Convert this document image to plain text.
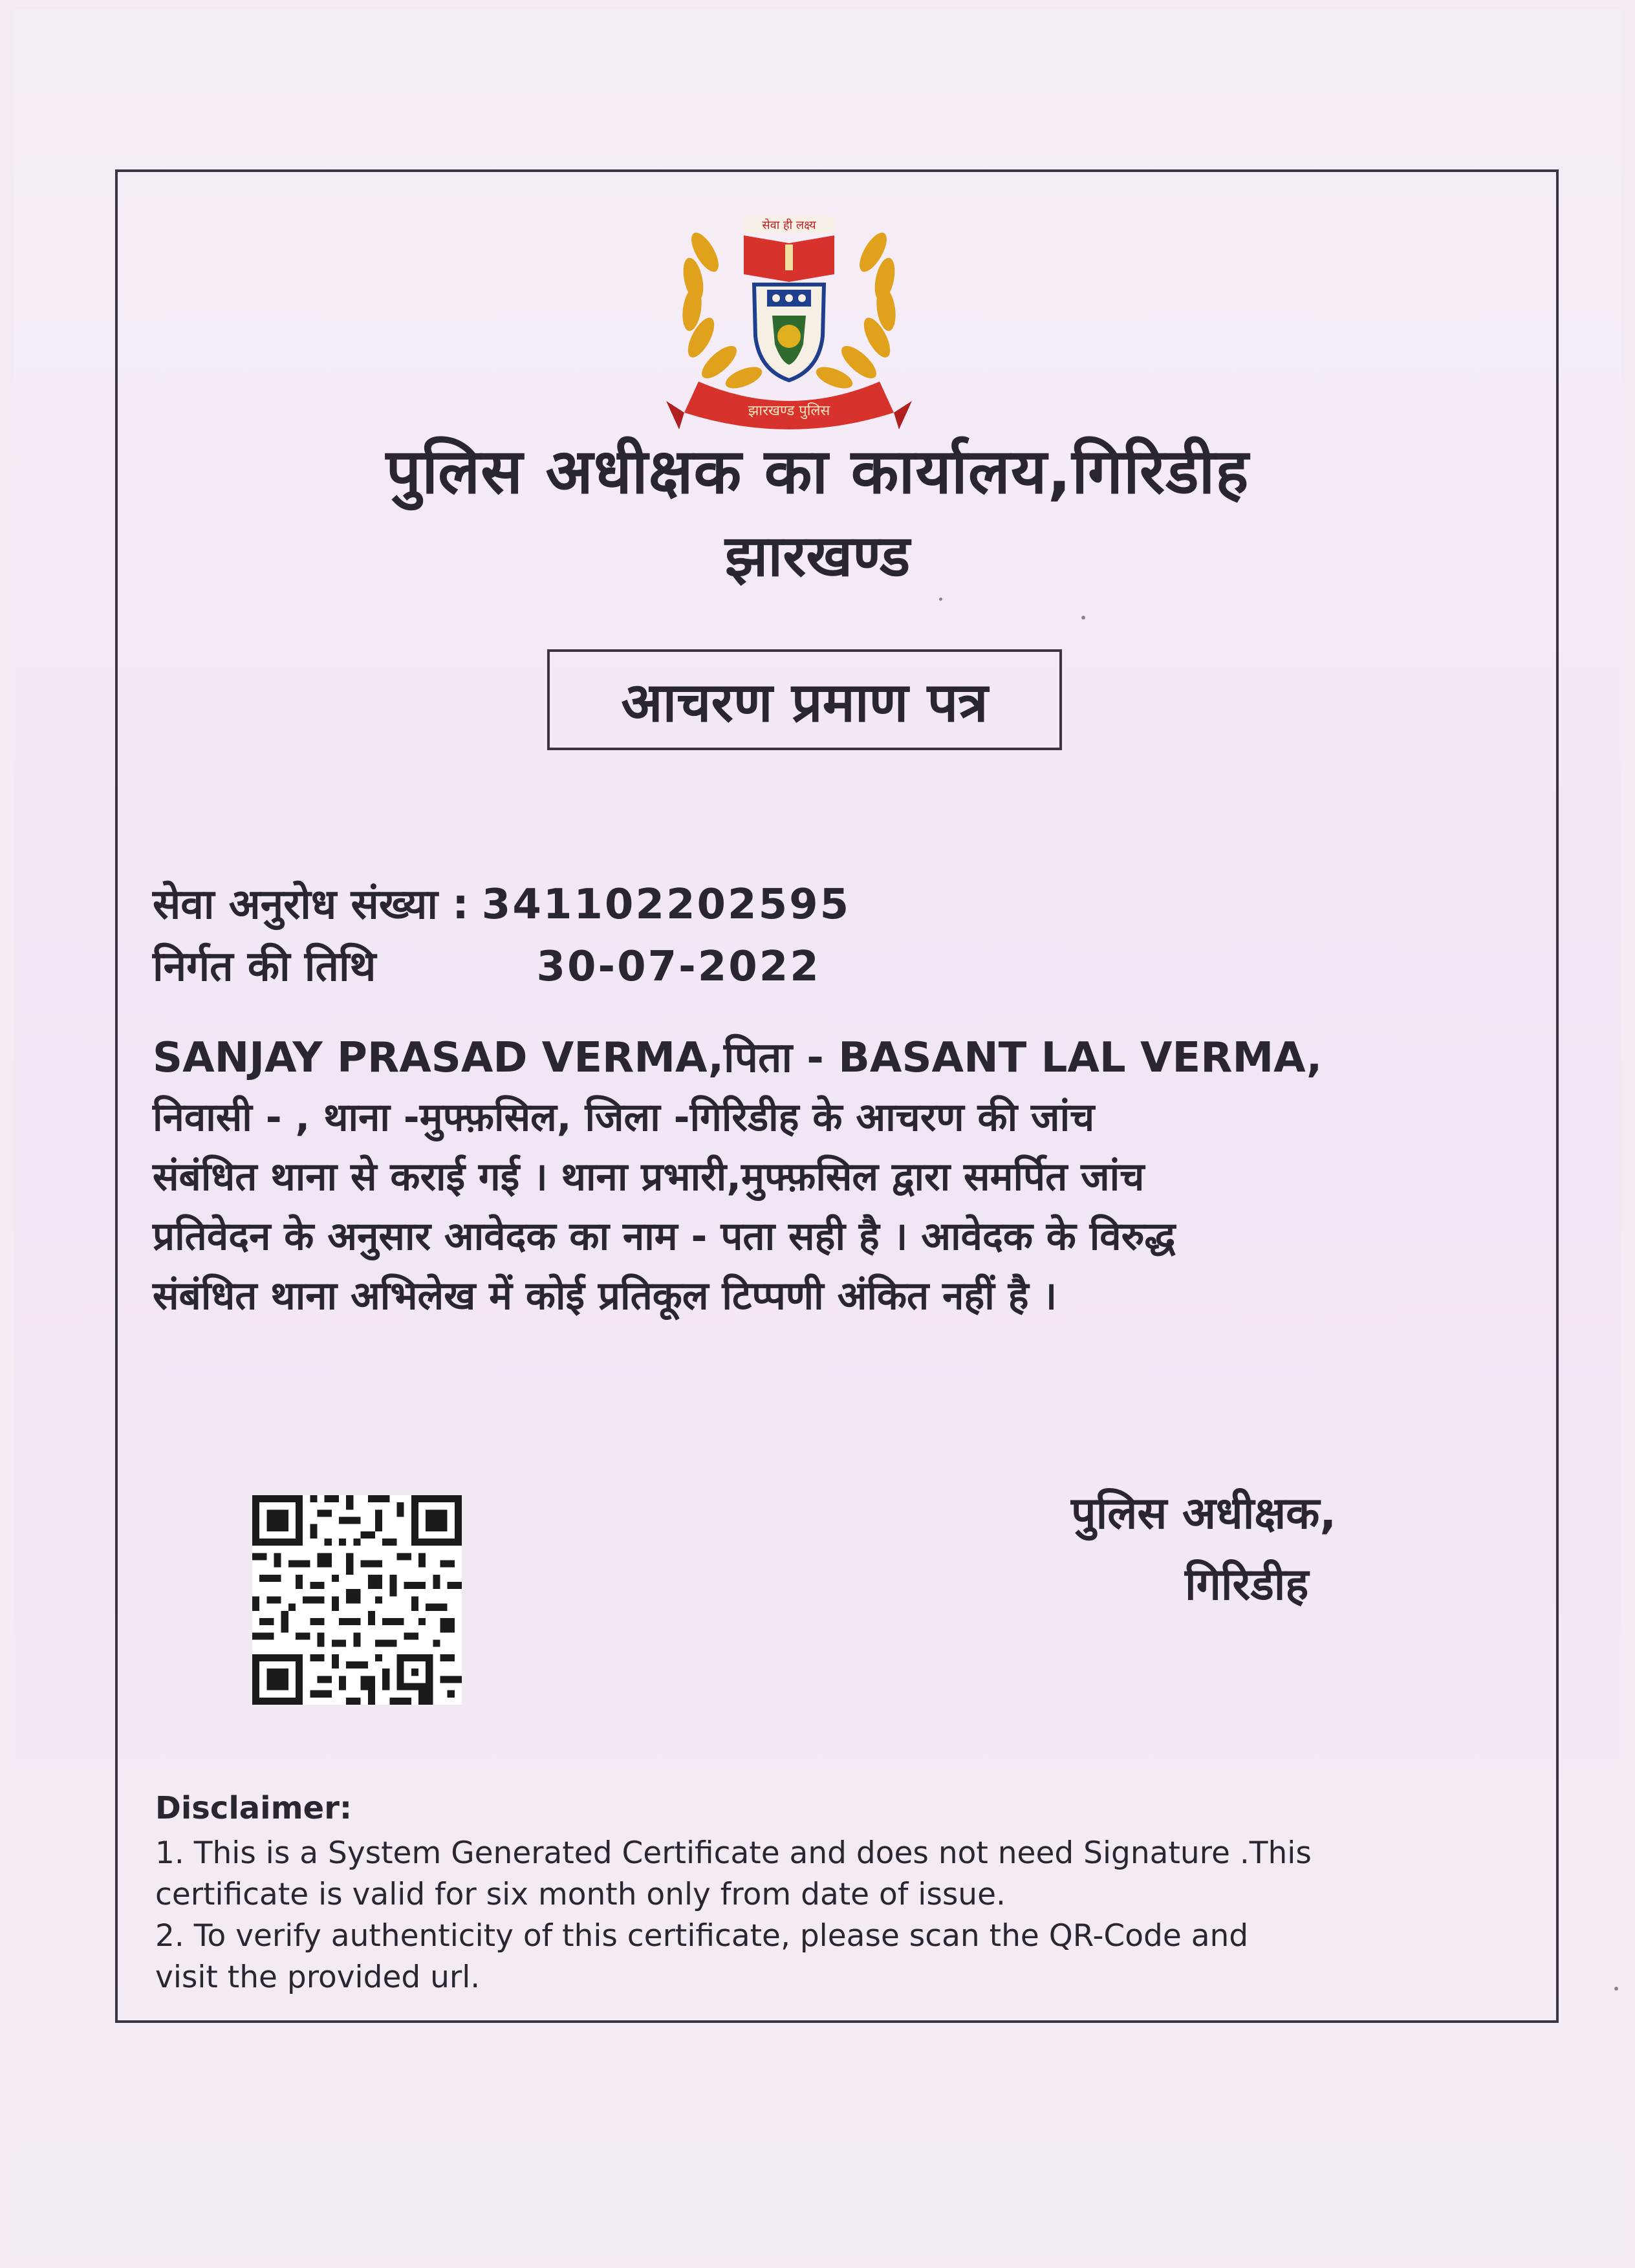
सेवा ही लक्ष्य
झारखण्ड पुलिस
पुलिस अधीक्षक का कार्यालय,गिरिडीह
झारखण्ड
आचरण प्रमाण पत्र
सेवा अनुरोध संख्या : 341102202595
निर्गत की तिथि	30-07-2022
SANJAY PRASAD VERMA,पिता - BASANT LAL VERMA,
निवासी - , थाना -मुफ्फ़सिल, जिला -गिरिडीह के आचरण की जांच
संबंधित थाना से कराई गई । थाना प्रभारी,मुफ्फ़सिल द्वारा समर्पित जांच
प्रतिवेदन के अनुसार आवेदक का नाम - पता सही है । आवेदक के विरुद्ध
संबंधित थाना अभिलेख में कोई प्रतिकूल टिप्पणी अंकित नहीं है ।
पुलिस अधीक्षक,
गिरिडीह
Disclaimer:
1. This is a System Generated Certificate and does not need Signature .This
certificate is valid for six month only from date of issue.
2. To verify authenticity of this certificate, please scan the QR-Code and
visit the provided url.
